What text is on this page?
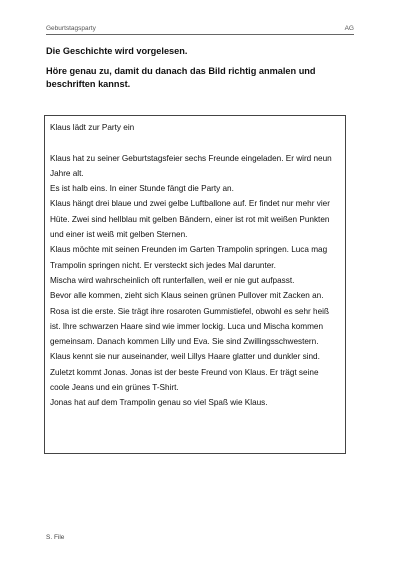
Geburtstagsparty	AG

Die Geschichte wird vorgelesen.

Höre genau zu, damit du danach das Bild richtig anmalen und beschriften kannst.

Klaus lädt zur Party ein

Klaus hat zu seiner Geburtstagsfeier sechs Freunde eingeladen. Er wird neun Jahre alt.

Es ist halb eins. In einer Stunde fängt die Party an.

Klaus hängt drei blaue und zwei gelbe Luftballone auf. Er findet nur mehr vier Hüte. Zwei sind hellblau mit gelben Bändern, einer ist rot mit weißen Punkten und einer ist weiß mit gelben Sternen.

Klaus möchte mit seinen Freunden im Garten Trampolin springen. Luca mag Trampolin springen nicht. Er versteckt sich jedes Mal darunter.

Mischa wird wahrscheinlich oft runterfallen, weil er nie gut aufpasst.

Bevor alle kommen, zieht sich Klaus seinen grünen Pullover mit Zacken an.

Rosa ist die erste. Sie trägt ihre rosaroten Gummistiefel, obwohl es sehr heiß ist. Ihre schwarzen Haare sind wie immer lockig. Luca und Mischa kommen gemeinsam. Danach kommen Lilly und Eva. Sie sind Zwillingsschwestern. Klaus kennt sie nur auseinander, weil Lillys Haare glatter und dunkler sind.

Zuletzt kommt Jonas. Jonas ist der beste Freund von Klaus. Er trägt seine coole Jeans und ein grünes T-Shirt.

Jonas hat auf dem Trampolin genau so viel Spaß wie Klaus.

S. File
